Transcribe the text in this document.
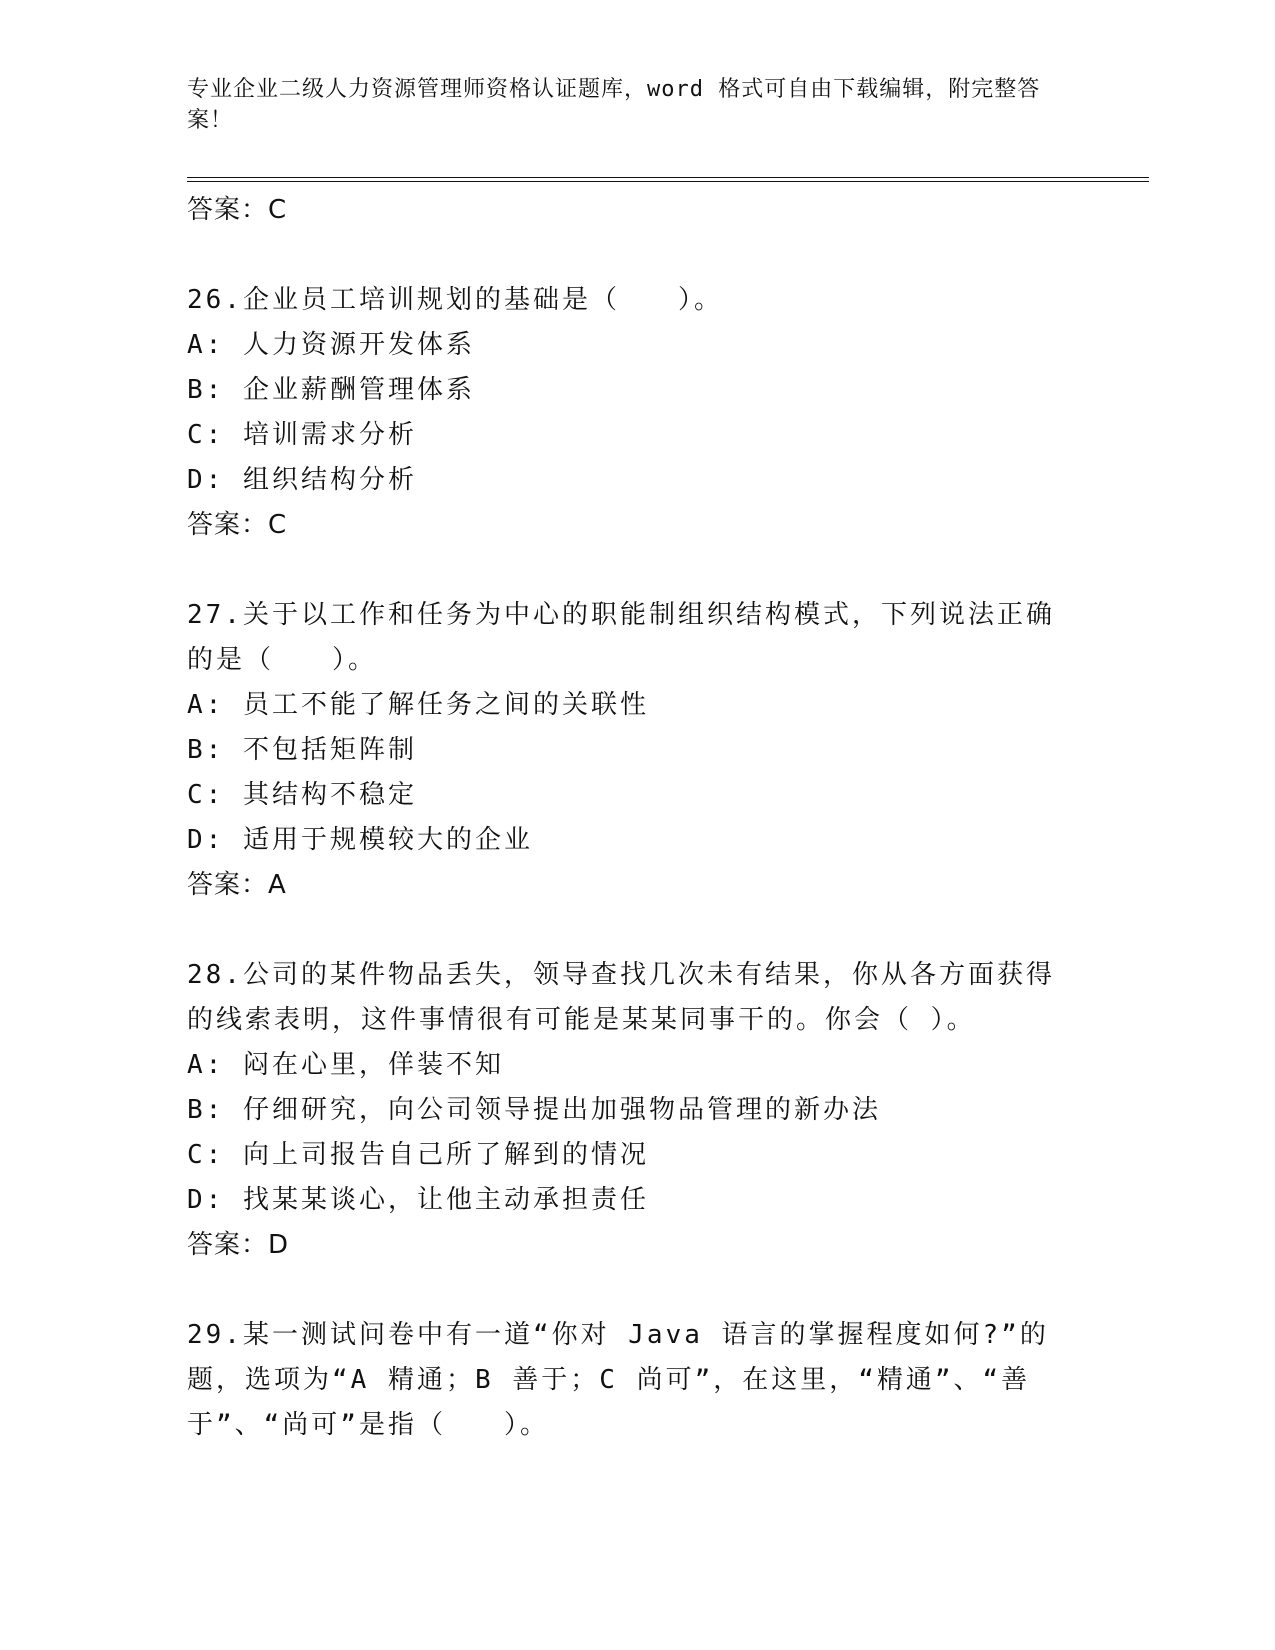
专业企业二级人力资源管理师资格认证题库，word 格式可自由下载编辑，附完整答案！
答案：C
26.企业员工培训规划的基础是（　　）。
A: 人力资源开发体系
B: 企业薪酬管理体系
C: 培训需求分析
D: 组织结构分析
答案：C
27.关于以工作和任务为中心的职能制组织结构模式，下列说法正确的是（　　）。
A: 员工不能了解任务之间的关联性
B: 不包括矩阵制
C: 其结构不稳定
D: 适用于规模较大的企业
答案：A
28.公司的某件物品丢失，领导查找几次未有结果，你从各方面获得的线索表明，这件事情很有可能是某某同事干的。你会（ ）。
A: 闷在心里，佯装不知
B: 仔细研究，向公司领导提出加强物品管理的新办法
C: 向上司报告自己所了解到的情况
D: 找某某谈心，让他主动承担责任
答案：D
29.某一测试问卷中有一道“你对 Java 语言的掌握程度如何?”的题，选项为“A 精通；B 善于；C 尚可”，在这里，“精通”、“善于”、“尚可”是指（　　）。
